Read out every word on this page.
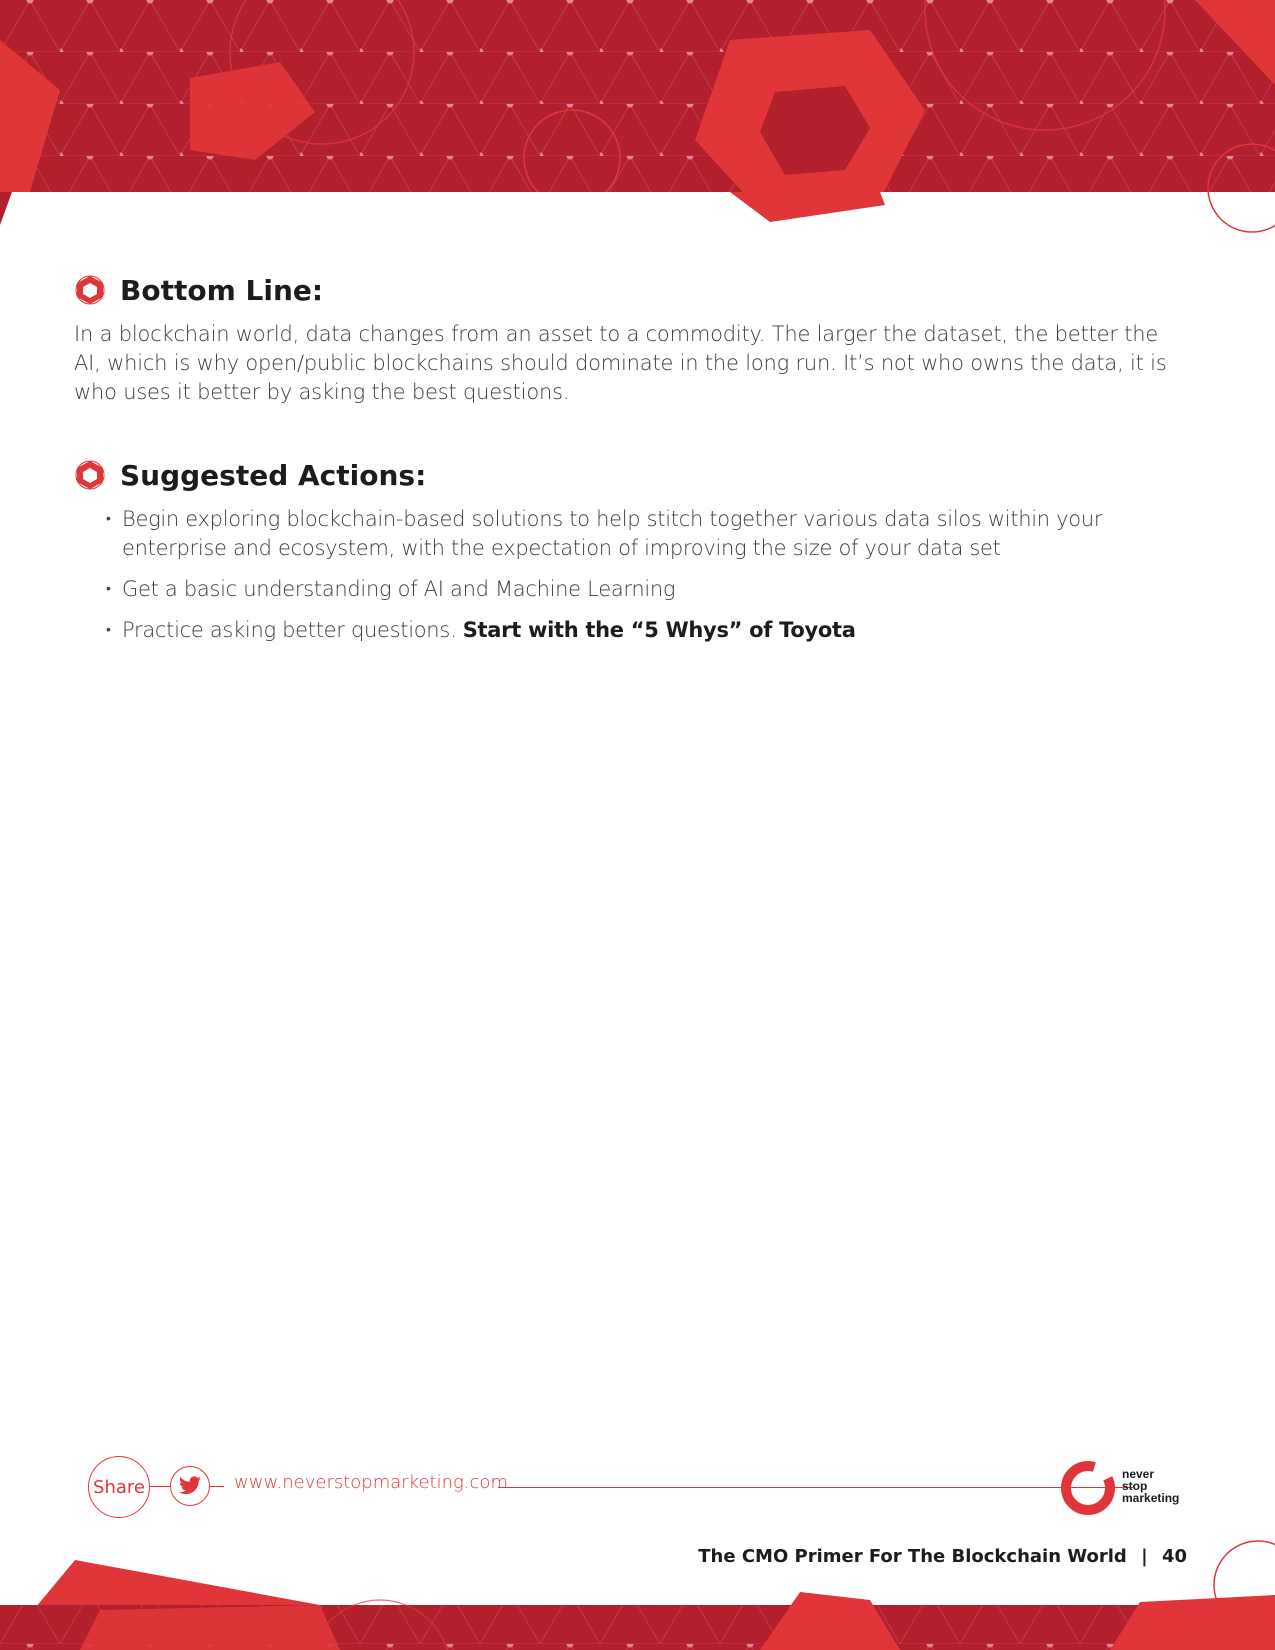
Bottom Line:

In a blockchain world, data changes from an asset to a commodity. The larger the dataset, the better the AI, which is why open/public blockchains should dominate in the long run. It’s not who owns the data, it is who uses it better by asking the best questions.

Suggested Actions:
• Begin exploring blockchain-based solutions to help stitch together various data silos within your enterprise and ecosystem, with the expectation of improving the size of your data set
• Get a basic understanding of AI and Machine Learning
• Practice asking better questions. Start with the “5 Whys” of Toyota
Share	www.neverstopmarketing.com	never
stop
marketing
The CMO Primer For The Blockchain World | 40
